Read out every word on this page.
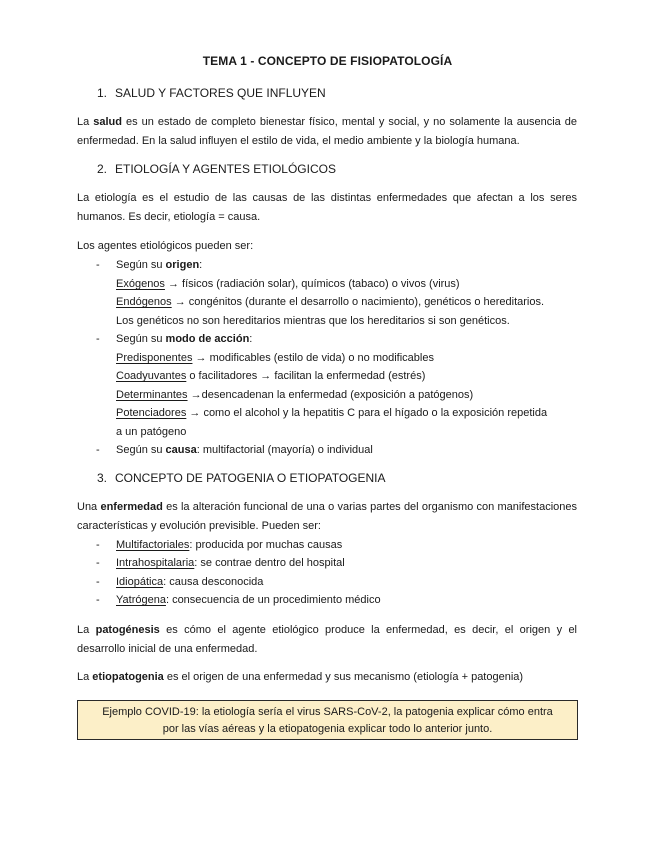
TEMA 1 - CONCEPTO DE FISIOPATOLOGÍA
1. SALUD Y FACTORES QUE INFLUYEN
La salud es un estado de completo bienestar físico, mental y social, y no solamente la ausencia de enfermedad. En la salud influyen el estilo de vida, el medio ambiente y la biología humana.
2. ETIOLOGÍA Y AGENTES ETIOLÓGICOS
La etiología es el estudio de las causas de las distintas enfermedades que afectan a los seres humanos. Es decir, etiología = causa.
Los agentes etiológicos pueden ser:
- Según su origen:
Exógenos → físicos (radiación solar), químicos (tabaco) o vivos (virus)
Endógenos → congénitos (durante el desarrollo o nacimiento), genéticos o hereditarios.
Los genéticos no son hereditarios mientras que los hereditarios si son genéticos.
- Según su modo de acción:
Predisponentes → modificables (estilo de vida) o no modificables
Coadyuvantes o facilitadores → facilitan la enfermedad (estrés)
Determinantes →desencadenan la enfermedad (exposición a patógenos)
Potenciadores → como el alcohol y la hepatitis C para el hígado o la exposición repetida
a un patógeno
- Según su causa: multifactorial (mayoría) o individual
3. CONCEPTO DE PATOGENIA O ETIOPATOGENIA
Una enfermedad es la alteración funcional de una o varias partes del organismo con manifestaciones características y evolución previsible. Pueden ser:
- Multifactoriales: producida por muchas causas
- Intrahospitalaria: se contrae dentro del hospital
- Idiopática: causa desconocida
- Yatrógena: consecuencia de un procedimiento médico
La patogénesis es cómo el agente etiológico produce la enfermedad, es decir, el origen y el desarrollo inicial de una enfermedad.
La etiopatogenia es el origen de una enfermedad y sus mecanismo (etiología + patogenia)
Ejemplo COVID-19: la etiología sería el virus SARS-CoV-2, la patogenia explicar cómo entra
por las vías aéreas y la etiopatogenia explicar todo lo anterior junto.
